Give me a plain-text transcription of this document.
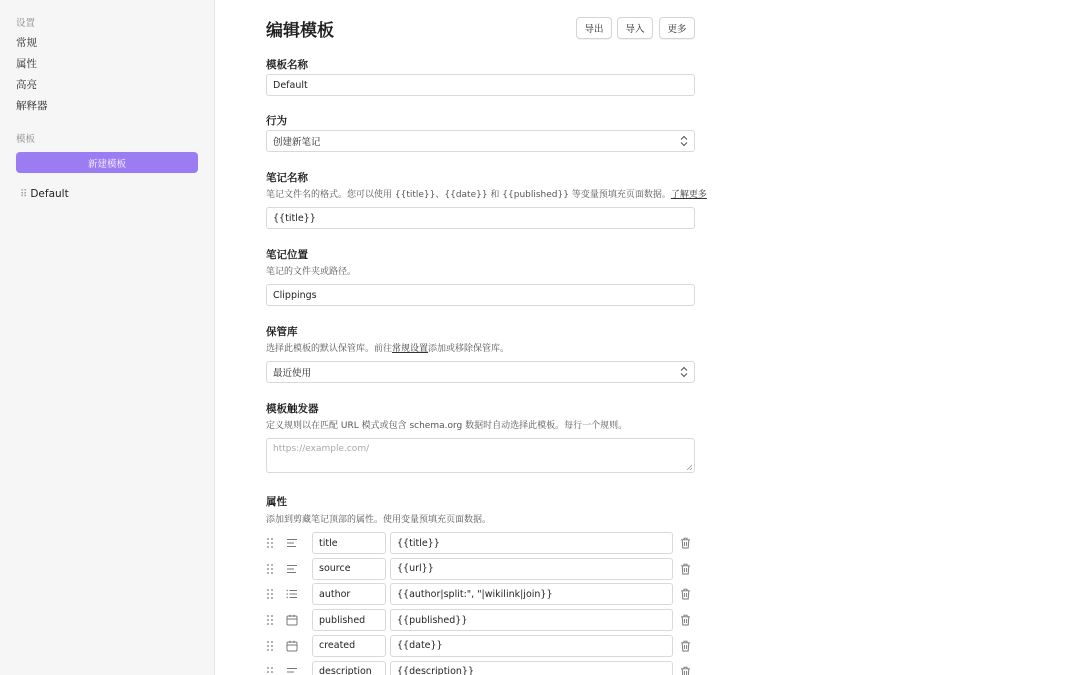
设置
常规
属性
高亮
解释器
模板
新建模板
⠿ Default
编辑模板	导出	导入	更多
模板名称
Default
行为
创建新笔记
笔记名称
笔记文件名的格式。您可以使用 {{title}}、{{date}} 和 {{published}} 等变量预填充页面数据。了解更多
{{title}}
笔记位置
笔记的文件夹或路径。
Clippings
保管库
选择此模板的默认保管库。前往常规设置添加或移除保管库。
最近使用
模板触发器
定义规则以在匹配 URL 模式或包含 schema.org 数据时自动选择此模板。每行一个规则。
https://example.com/
属性
添加到剪藏笔记顶部的属性。使用变量预填充页面数据。
title	{{title}}
source	{{url}}
author	{{author|split:", "|wikilink|join}}
published	{{published}}
created	{{date}}
description	{{description}}
